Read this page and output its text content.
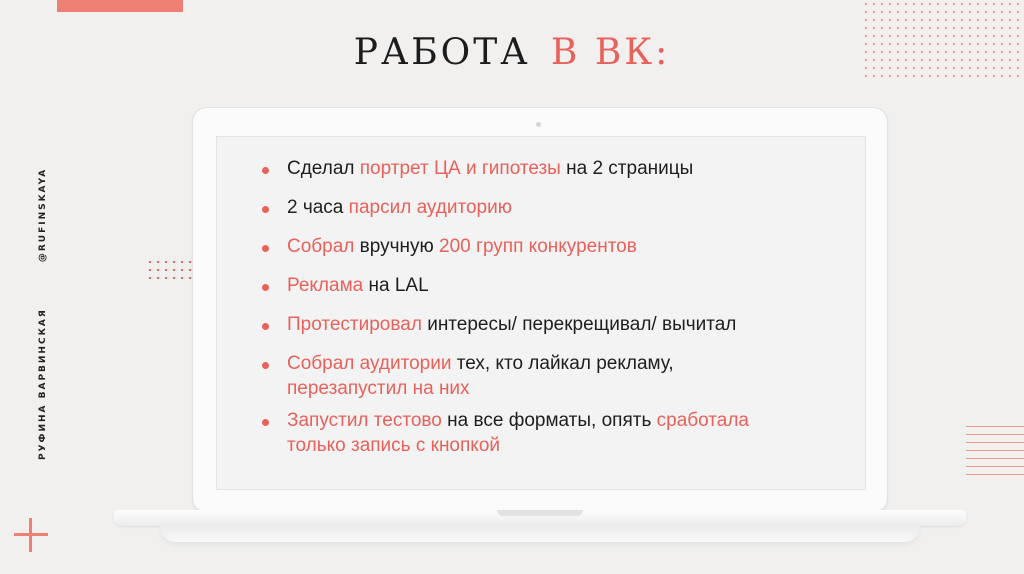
РУФИНА ВАРВИНСКАЯ@RUFINSKAYA
РАБОТА В ВК:
Сделал портрет ЦА и гипотезы на 2 страницы
2 часа парсил аудиторию
Собрал вручную 200 групп конкурентов
Реклама на LAL
Протестировал интересы/ перекрещивал/ вычитал
Собрал аудитории тех, кто лайкал рекламу,
перезапустил на них
Запустил тестово на все форматы, опять сработала
только запись с кнопкой
